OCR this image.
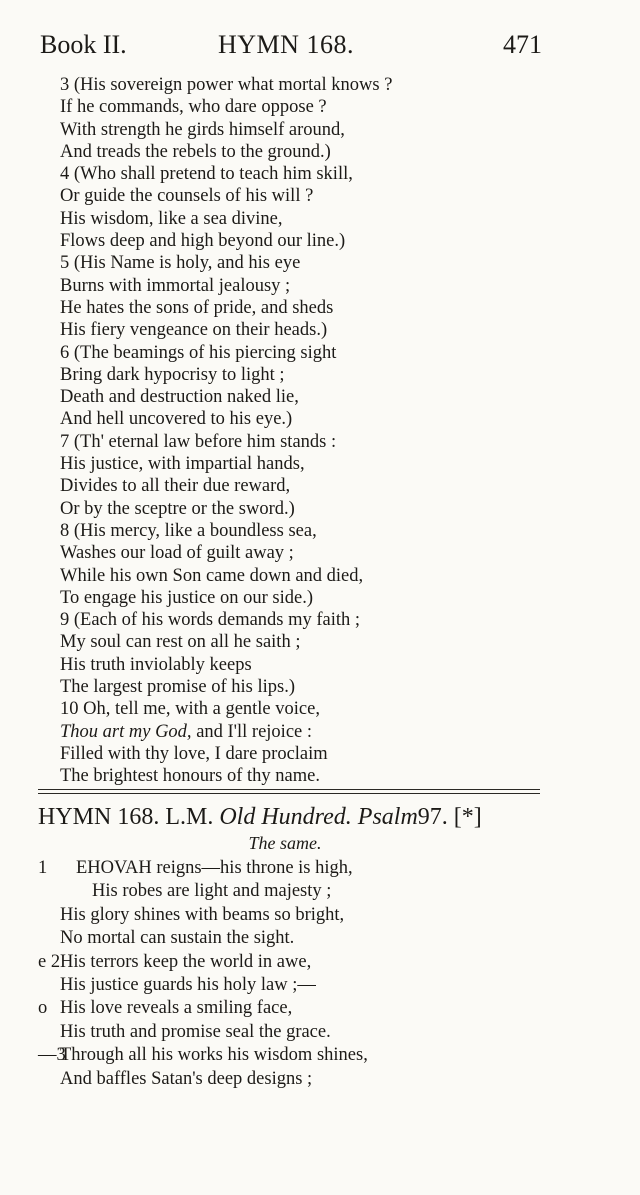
Book II.	HYMN 168.	471
3 (His sovereign power what mortal knows ?
If he commands, who dare oppose ?
With strength he girds himself around,
And treads the rebels to the ground.)
4 (Who shall pretend to teach him skill,
Or guide the counsels of his will ?
His wisdom, like a sea divine,
Flows deep and high beyond our line.)
5 (His Name is holy, and his eye
Burns with immortal jealousy ;
He hates the sons of pride, and sheds
His fiery vengeance on their heads.)
6 (The beamings of his piercing sight
Bring dark hypocrisy to light ;
Death and destruction naked lie,
And hell uncovered to his eye.)
7 (Th' eternal law before him stands :
His justice, with impartial hands,
Divides to all their due reward,
Or by the sceptre or the sword.)
8 (His mercy, like a boundless sea,
Washes our load of guilt away ;
While his own Son came down and died,
To engage his justice on our side.)
9 (Each of his words demands my faith ;
My soul can rest on all he saith ;
His truth inviolably keeps
The largest promise of his lips.)
10 Oh, tell me, with a gentle voice,
Thou art my God, and I'll rejoice :
Filled with thy love, I dare proclaim
The brightest honours of thy name.
HYMN 168. L.M. Old Hundred. Psalm97. [*]
The same.
1 EHOVAH reigns—his throne is high,
His robes are light and majesty ;
His glory shines with beams so bright,
No mortal can sustain the sight.
e 2His terrors keep the world in awe,
His justice guards his holy law ;—
o His love reveals a smiling face,
His truth and promise seal the grace.
—3Through all his works his wisdom shines,
And baffles Satan's deep designs ;
